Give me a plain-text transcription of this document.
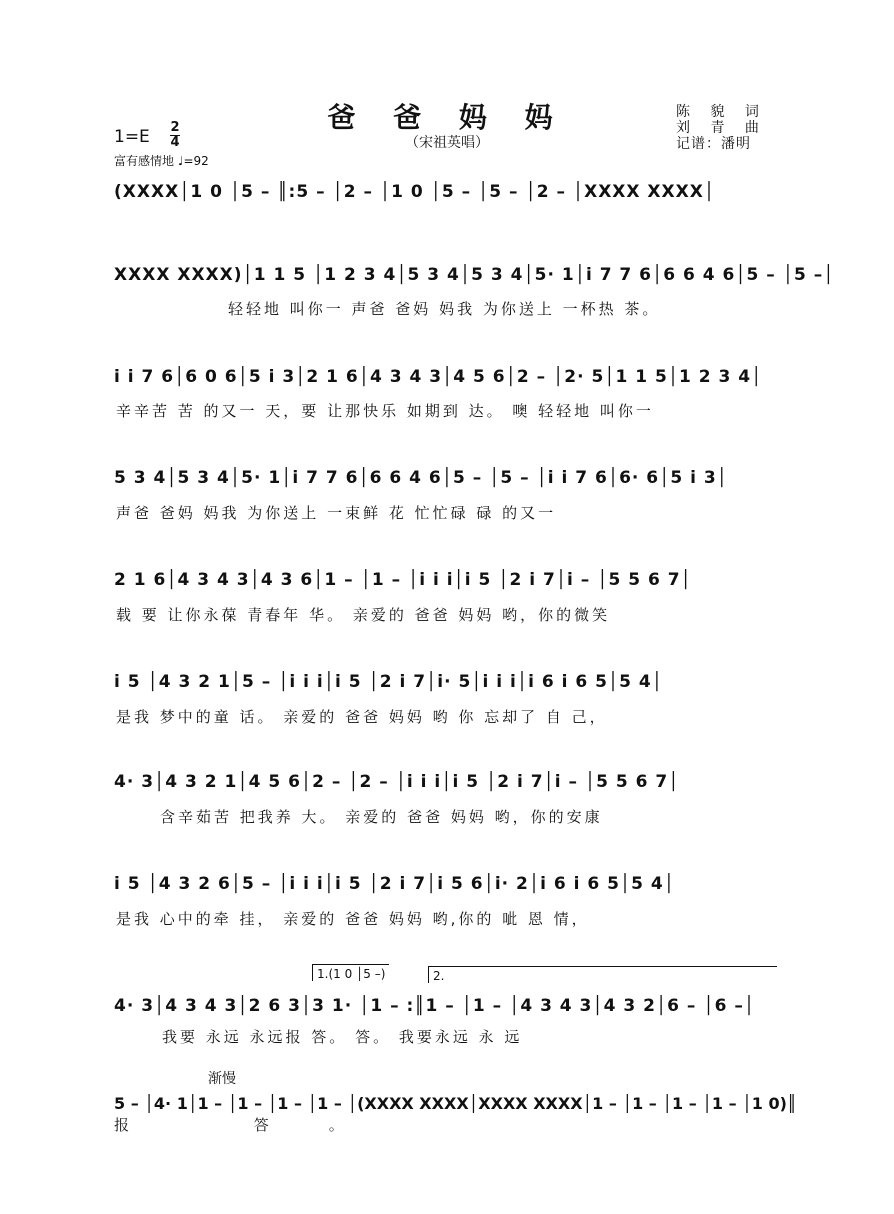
爸 爸 妈 妈
（宋祖英唱）
陈 貌 词
刘 青 曲
记谱：潘明
1=E 2
4
富有感情地 ♩=92
(XXXX│1 0 │5 – ║:5 – │2 – │1 0 │5 – │5 – │2 – │XXXX XXXX│
XXXX XXXX)│1 1 5 │1 2 3 4│5 3 4│5 3 4│5· 1│i 7 7 6│6 6 4 6│5 – │5 –│
轻轻地 叫你一 声爸 爸妈 妈我 为你送上 一杯热 茶。
i i 7 6│6 0 6│5 i 3│2 1 6│4 3 4 3│4 5 6│2 – │2· 5│1 1 5│1 2 3 4│
辛辛苦 苦 的又一 天，要 让那快乐 如期到 达。 噢 轻轻地 叫你一
5 3 4│5 3 4│5· 1│i 7 7 6│6 6 4 6│5 – │5 – │i i 7 6│6· 6│5 i 3│
声爸 爸妈 妈我 为你送上 一束鲜 花 忙忙碌 碌 的又一
2 1 6│4 3 4 3│4 3 6│1 – │1 – │i i i│i 5 │2 i 7│i – │5 5 6 7│
载 要 让你永葆 青春年 华。 亲爱的 爸爸 妈妈 哟，你的微笑
i 5 │4 3 2 1│5 – │i i i│i 5 │2 i 7│i· 5│i i i│i 6 i 6 5│5 4│
是我 梦中的童 话。 亲爱的 爸爸 妈妈 哟 你 忘却了 自 己，
4· 3│4 3 2 1│4 5 6│2 – │2 – │i i i│i 5 │2 i 7│i – │5 5 6 7│
含辛茹苦 把我养 大。 亲爱的 爸爸 妈妈 哟，你的安康
i 5 │4 3 2 6│5 – │i i i│i 5 │2 i 7│i 5 6│i· 2│i 6 i 6 5│5 4│
是我 心中的牵 挂， 亲爱的 爸爸 妈妈 哟,你的 呲 恩 情，
1.(1 0 │5 –)	2.
4· 3│4 3 4 3│2 6 3│3 1· │1 – :║1 – │1 – │4 3 4 3│4 3 2│6 – │6 –│
我要 永远 永远报 答。 答。 我要永远 永 远
渐慢
5 – │4· 1│1 – │1 – │1 – │1 – │(XXXX XXXX│XXXX XXXX│1 – │1 – │1 – │1 – │1 0)║
报 答。
